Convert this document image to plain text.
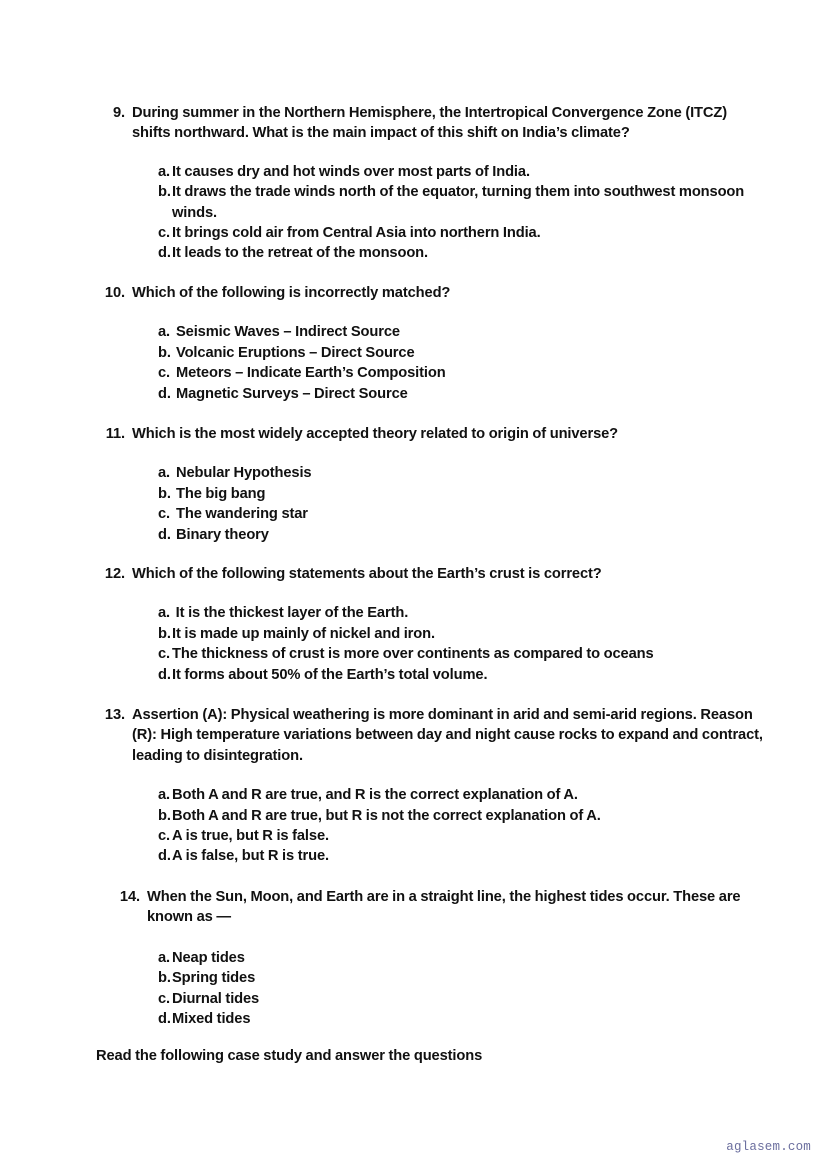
9. During summer in the Northern Hemisphere, the Intertropical Convergence Zone (ITCZ) shifts northward. What is the main impact of this shift on India’s climate?
a. It causes dry and hot winds over most parts of India.
b. It draws the trade winds north of the equator, turning them into southwest monsoon winds.
c. It brings cold air from Central Asia into northern India.
d. It leads to the retreat of the monsoon.
10. Which of the following is incorrectly matched?
a. Seismic Waves – Indirect Source
b. Volcanic Eruptions – Direct Source
c. Meteors – Indicate Earth’s Composition
d. Magnetic Surveys – Direct Source
11. Which is the most widely accepted theory related to origin of universe?
a. Nebular Hypothesis
b. The big bang
c. The wandering star
d. Binary theory
12. Which of the following statements about the Earth’s crust is correct?
a. It is the thickest layer of the Earth.
b. It is made up mainly of nickel and iron.
c. The thickness of crust is more over continents as compared to oceans
d. It forms about 50% of the Earth’s total volume.
13. Assertion (A): Physical weathering is more dominant in arid and semi-arid regions. Reason (R): High temperature variations between day and night cause rocks to expand and contract, leading to disintegration.
a. Both A and R are true, and R is the correct explanation of A.
b. Both A and R are true, but R is not the correct explanation of A.
c. A is true, but R is false.
d. A is false, but R is true.
14. When the Sun, Moon, and Earth are in a straight line, the highest tides occur. These are known as —
a. Neap tides
b. Spring tides
c. Diurnal tides
d. Mixed tides
Read the following case study and answer the questions
aglasem.com
